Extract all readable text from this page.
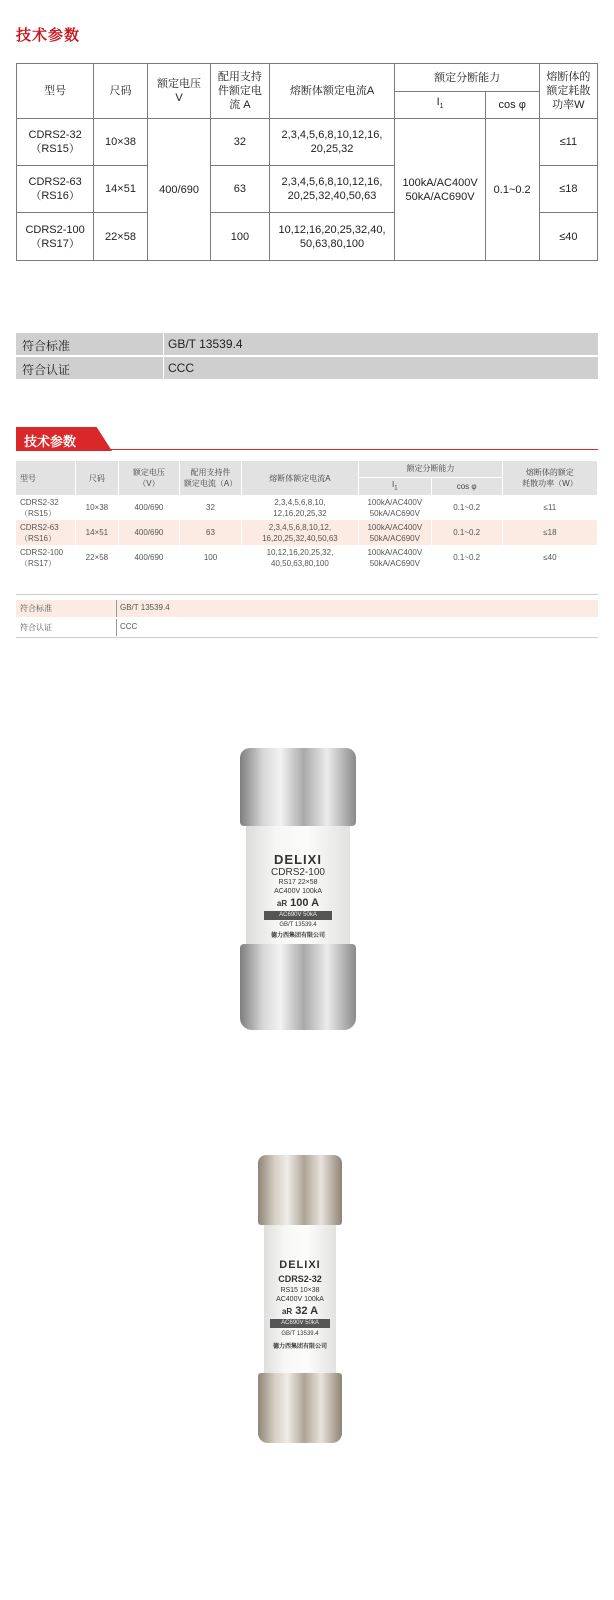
技术参数
型号	尺码	额定电压
V	配用支持
件额定电
流 A	熔断体额定电流A	额定分断能力		熔断体的
额定耗散
功率W
					$I_1$	cos φ	
CDRS2-32
（RS15）	10×38	400/690	32	2,3,4,5,6,8,10,12,16,
20,25,32	100kA/AC400V
50kA/AC690V	0.1~0.2	≤11
CDRS2-63
（RS16）	14×51		63	2,3,4,5,6,8,10,12,16,
20,25,32,40,50,63			≤18
CDRS2-100
（RS17）	22×58		100	10,12,16,20,25,32,40,
50,63,80,100			≤40
符合标准	GB/T 13539.4
符合认证	CCC
技术参数
型号	尺码	额定电压
（V）	配用支持件
额定电流（A）	熔断体额定电流A	额定分断能力		熔断体的额定
耗散功率（W）
					$I_1$	cos φ	
CDRS2-32
（RS15）	10×38	400/690	32	2,3,4,5,6,8,10,
12,16,20,25,32	100kA/AC400V
50kA/AC690V	0.1~0.2	≤11
CDRS2-63
（RS16）	14×51	400/690	63	2,3,4,5,6,8,10,12,
16,20,25,32,40,50,63	100kA/AC400V
50kA/AC690V	0.1~0.2	≤18
CDRS2-100
（RS17）	22×58	400/690	100	10,12,16,20,25,32,
40,50,63,80,100	100kA/AC400V
50kA/AC690V	0.1~0.2	≤40
符合标准	GB/T 13539.4
符合认证	CCC
DELIXI
CDRS2-100
RS17 22×58
AC400V 100kA
aR 100 A
AC690V 50kA
GB/T 13539.4
德力西集团有限公司
DELIXI
CDRS2-32
RS15 10×38
AC400V 100kA
aR 32 A
AC690V 50kA
GB/T 13539.4
德力西集团有限公司
